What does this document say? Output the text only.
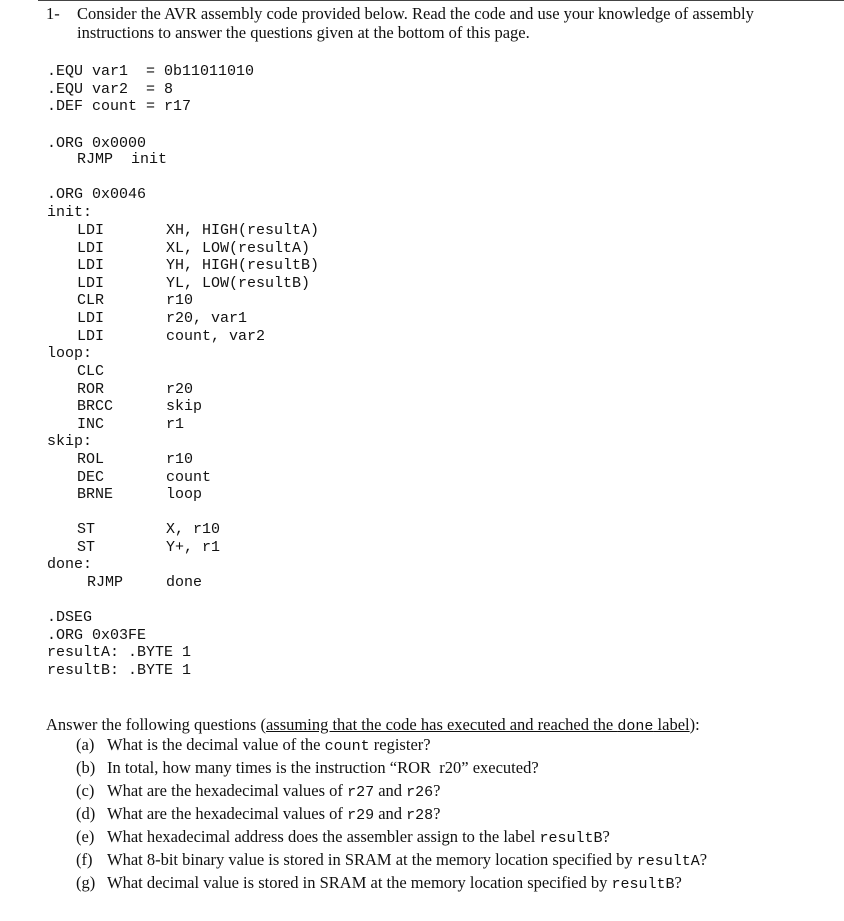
1- Consider the AVR assembly code provided below. Read the code and use your knowledge of assembly
instructions to answer the questions given at the bottom of this page.
.EQU var1  = 0b11011010
.EQU var2  = 8
.DEF count = r17
.ORG 0x0000
RJMP  init
.ORG 0x0046
init:
LDI	XH, HIGH(resultA)
LDI	XL, LOW(resultA)
LDI	YH, HIGH(resultB)
LDI	YL, LOW(resultB)
CLR	r10
LDI	r20, var1
LDI	count, var2
loop:
CLC
ROR	r20
BRCC	skip
INC	r1
skip:
ROL	r10
DEC	count
BRNE	loop
ST	X, r10
ST	Y+, r1
done:
RJMP	done
.DSEG
.ORG 0x03FE
resultA: .BYTE 1
resultB: .BYTE 1
Answer the following questions (assuming that the code has executed and reached the done label):
(a) What is the decimal value of the count register?
(b) In total, how many times is the instruction “ROR  r20” executed?
(c) What are the hexadecimal values of r27 and r26?
(d) What are the hexadecimal values of r29 and r28?
(e) What hexadecimal address does the assembler assign to the label resultB?
(f) What 8-bit binary value is stored in SRAM at the memory location specified by resultA?
(g) What decimal value is stored in SRAM at the memory location specified by resultB?
